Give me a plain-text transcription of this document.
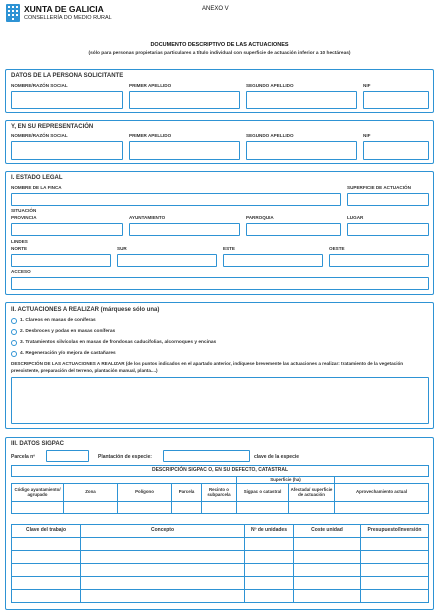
XUNTA DE GALICIA
CONSELLERÍA DO MEDIO RURAL
ANEXO V
DOCUMENTO DESCRIPTIVO DE LAS ACTUACIONES
(sólo para personas propietarias particulares a título individual con superficie de actuación inferior a 10 hectáreas)
DATOS DE LA PERSONA SOLICITANTE
NOMBRE/RAZÓN SOCIAL	PRIMER APELLIDO	SEGUNDO APELLIDO	NIF
Y, EN SU REPRESENTACIÓN
NOMBRE/RAZÓN SOCIAL	PRIMER APELLIDO	SEGUNDO APELLIDO	NIF
I. ESTADO LEGAL
NOMBRE DE LA FINCA	SUPERFICIE DE ACTUACIÓN
SITUACIÓN
PROVINCIA	AYUNTAMIENTO	PARROQUIA	LUGAR
LINDES
NORTE	SUR	ESTE	OESTE
ACCESO
II. ACTUACIONES A REALIZAR (márquese sólo una)
1. Clareos en masas de coníferas
2. Desbroces y podas en masas coníferas
3. Tratamientos silvícolas en masas de frondosas caducifolias, alcornoques y encinas
4. Regeneración y/o mejora de castañares
DESCRIPCIÓN DE LAS ACTUACIONES A REALIZAR (de los puntos indicados en el apartado anterior, indíquese brevemente las actuaciones a realizar: tratamiento de la vegetación preexistente, preparación del terreno, plantación manual, planta....)
III. DATOS SIGPAC
Parcela nº	Plantación de especie:	clave de la especie
DESCRIPCIÓN SIGPAC O, EN SU DEFECTO, CATASTRAL							
					Superficie (ha)		
Código ayuntamiento/ agrupado	Zona	Polígono	Parcela	Recinto o subparcela	Sigpac o catastral	Afectada/ superficie de actuación	Aprovechamiento actual

Clave del trabajo	Concepto	Nº de unidades	Coste unidad	Presupuesto/Inversión
